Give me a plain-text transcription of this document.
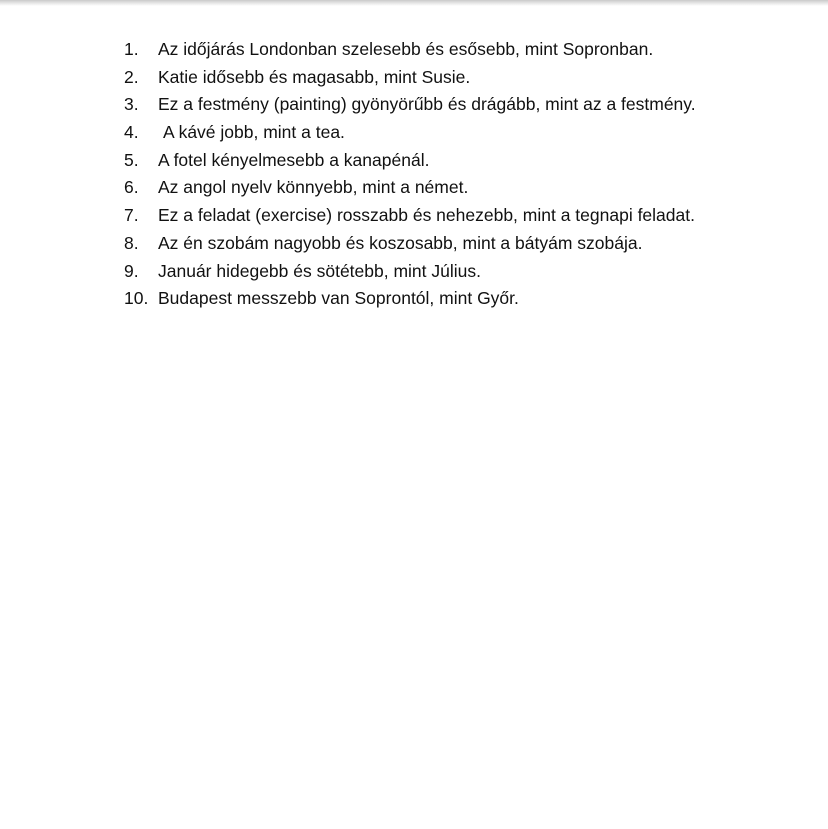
1.	Az időjárás Londonban szelesebb és esősebb, mint Sopronban.
2.	Katie idősebb és magasabb, mint Susie.
3.	Ez a festmény (painting) gyönyörűbb és drágább, mint az a festmény.
4.	A kávé jobb, mint a tea.
5.	A fotel kényelmesebb a kanapénál.
6.	Az angol nyelv könnyebb, mint a német.
7.	Ez a feladat (exercise) rosszabb és nehezebb, mint a tegnapi feladat.
8.	Az én szobám nagyobb és koszosabb, mint a bátyám szobája.
9.	Január hidegebb és sötétebb, mint Július.
10. Budapest messzebb van Soprontól, mint Győr.
